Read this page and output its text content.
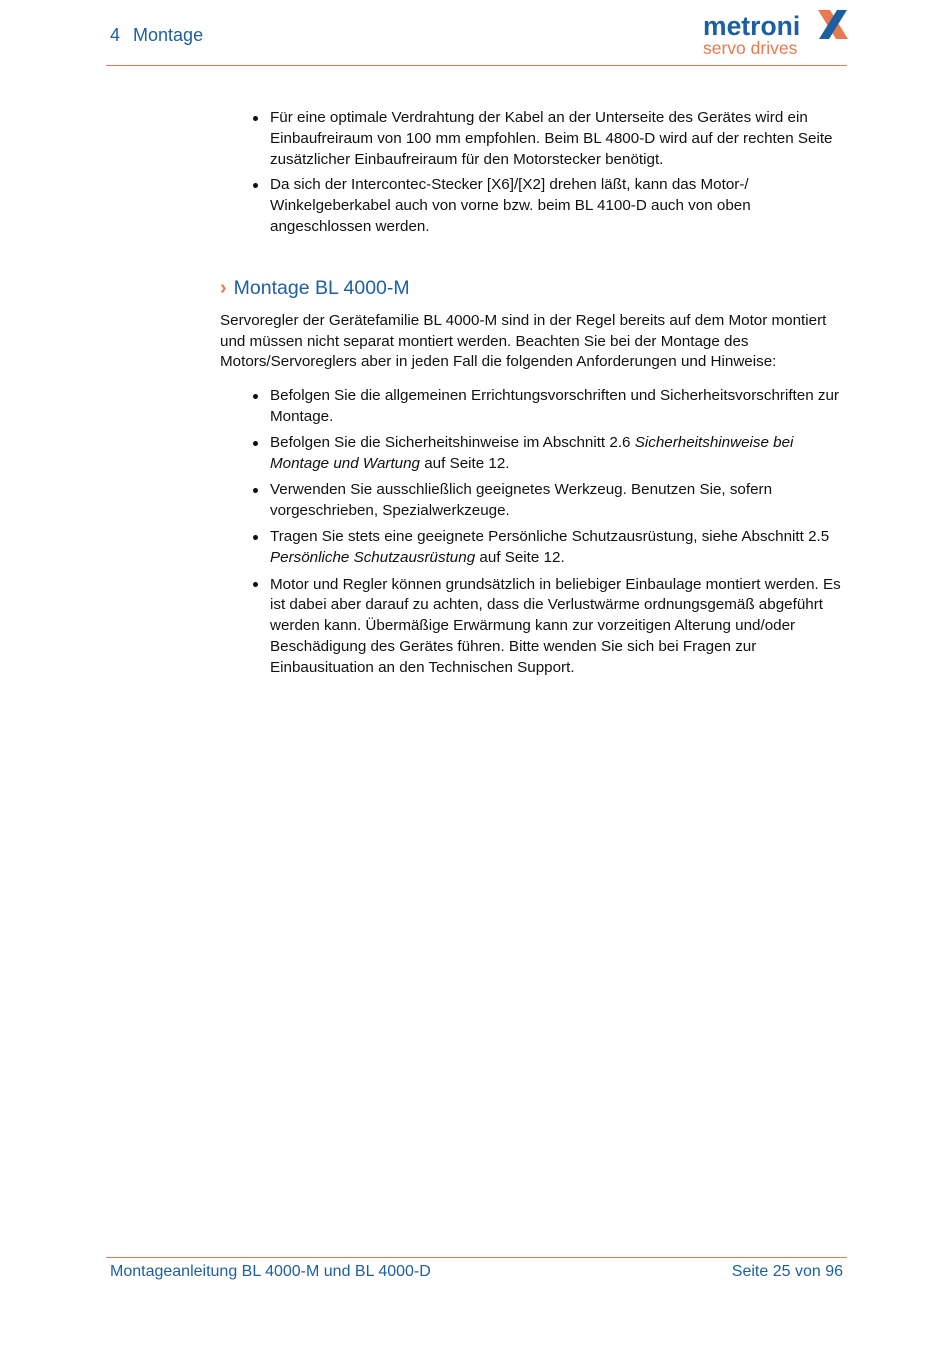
4 Montage	metroni
servo drives
Für eine optimale Verdrahtung der Kabel an der Unterseite des Gerätes wird ein Einbaufreiraum von 100 mm empfohlen. Beim BL 4800-D wird auf der rechten Seite zusätzlicher Einbaufreiraum für den Motorstecker benötigt.
Da sich der Intercontec-Stecker [X6]/[X2] drehen läßt, kann das Motor-/ Winkelgeberkabel auch von vorne bzw. beim BL 4100-D auch von oben angeschlossen werden.
› Montage BL 4000-M

Servoregler der Gerätefamilie BL 4000-M sind in der Regel bereits auf dem Motor montiert und müssen nicht separat montiert werden. Beachten Sie bei der Montage des Motors/Servoreglers aber in jeden Fall die folgenden Anforderungen und Hinweise:

Befolgen Sie die allgemeinen Errichtungsvorschriften und Sicherheitsvorschriften zur Montage.
Befolgen Sie die Sicherheitshinweise im Abschnitt 2.6 Sicherheitshinweise bei Montage und Wartung auf Seite 12.
Verwenden Sie ausschließlich geeignetes Werkzeug. Benutzen Sie, sofern vorgeschrieben, Spezialwerkzeuge.
Tragen Sie stets eine geeignete Persönliche Schutzausrüstung, siehe Abschnitt 2.5 Persönliche Schutzausrüstung auf Seite 12.
Motor und Regler können grundsätzlich in beliebiger Einbaulage montiert werden. Es ist dabei aber darauf zu achten, dass die Verlustwärme ordnungsgemäß abgeführt werden kann. Übermäßige Erwärmung kann zur vorzeitigen Alterung und/oder Beschädigung des Gerätes führen. Bitte wenden Sie sich bei Fragen zur Einbausituation an den Technischen Support.
Montageanleitung BL 4000-M und BL 4000-D	Seite 25 von 96
